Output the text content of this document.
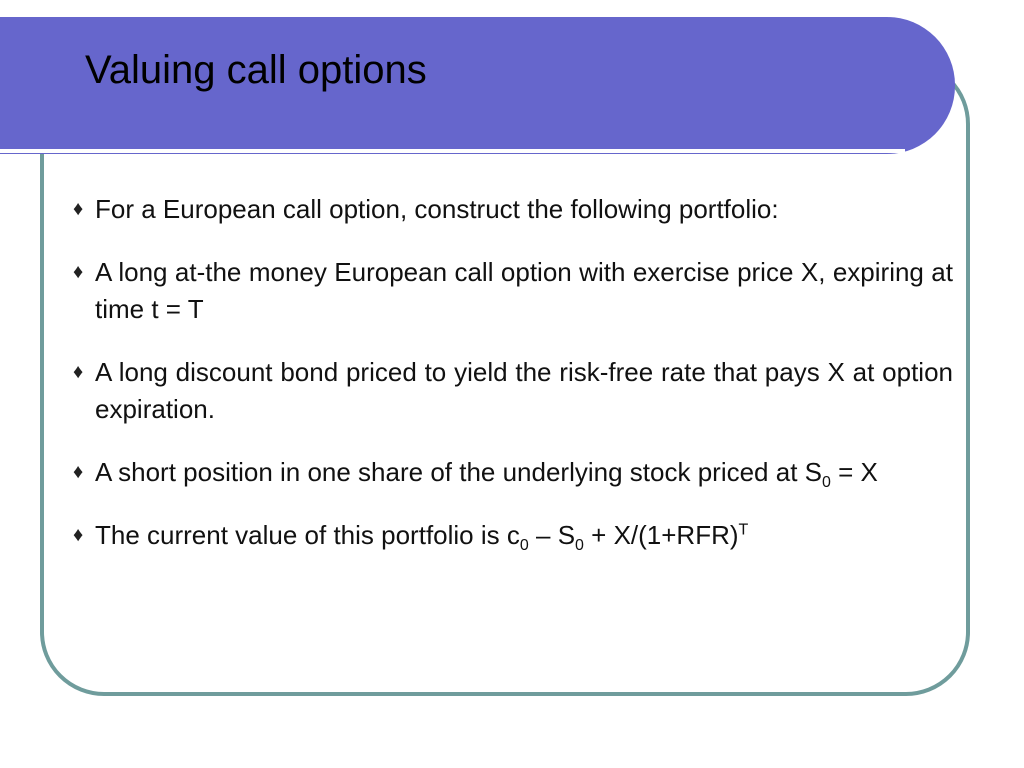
Valuing call options
♦ For a European call option, construct the following portfolio:
♦ A long at-the money European call option with exercise price X, expiring at time t = T
♦ A long discount bond priced to yield the risk-free rate that pays X at option expiration.
♦ A short position in one share of the underlying stock priced at $S_0 = X$
♦ The current value of this portfolio is $c_0 - S_0 + X/(1+RFR)^T$
